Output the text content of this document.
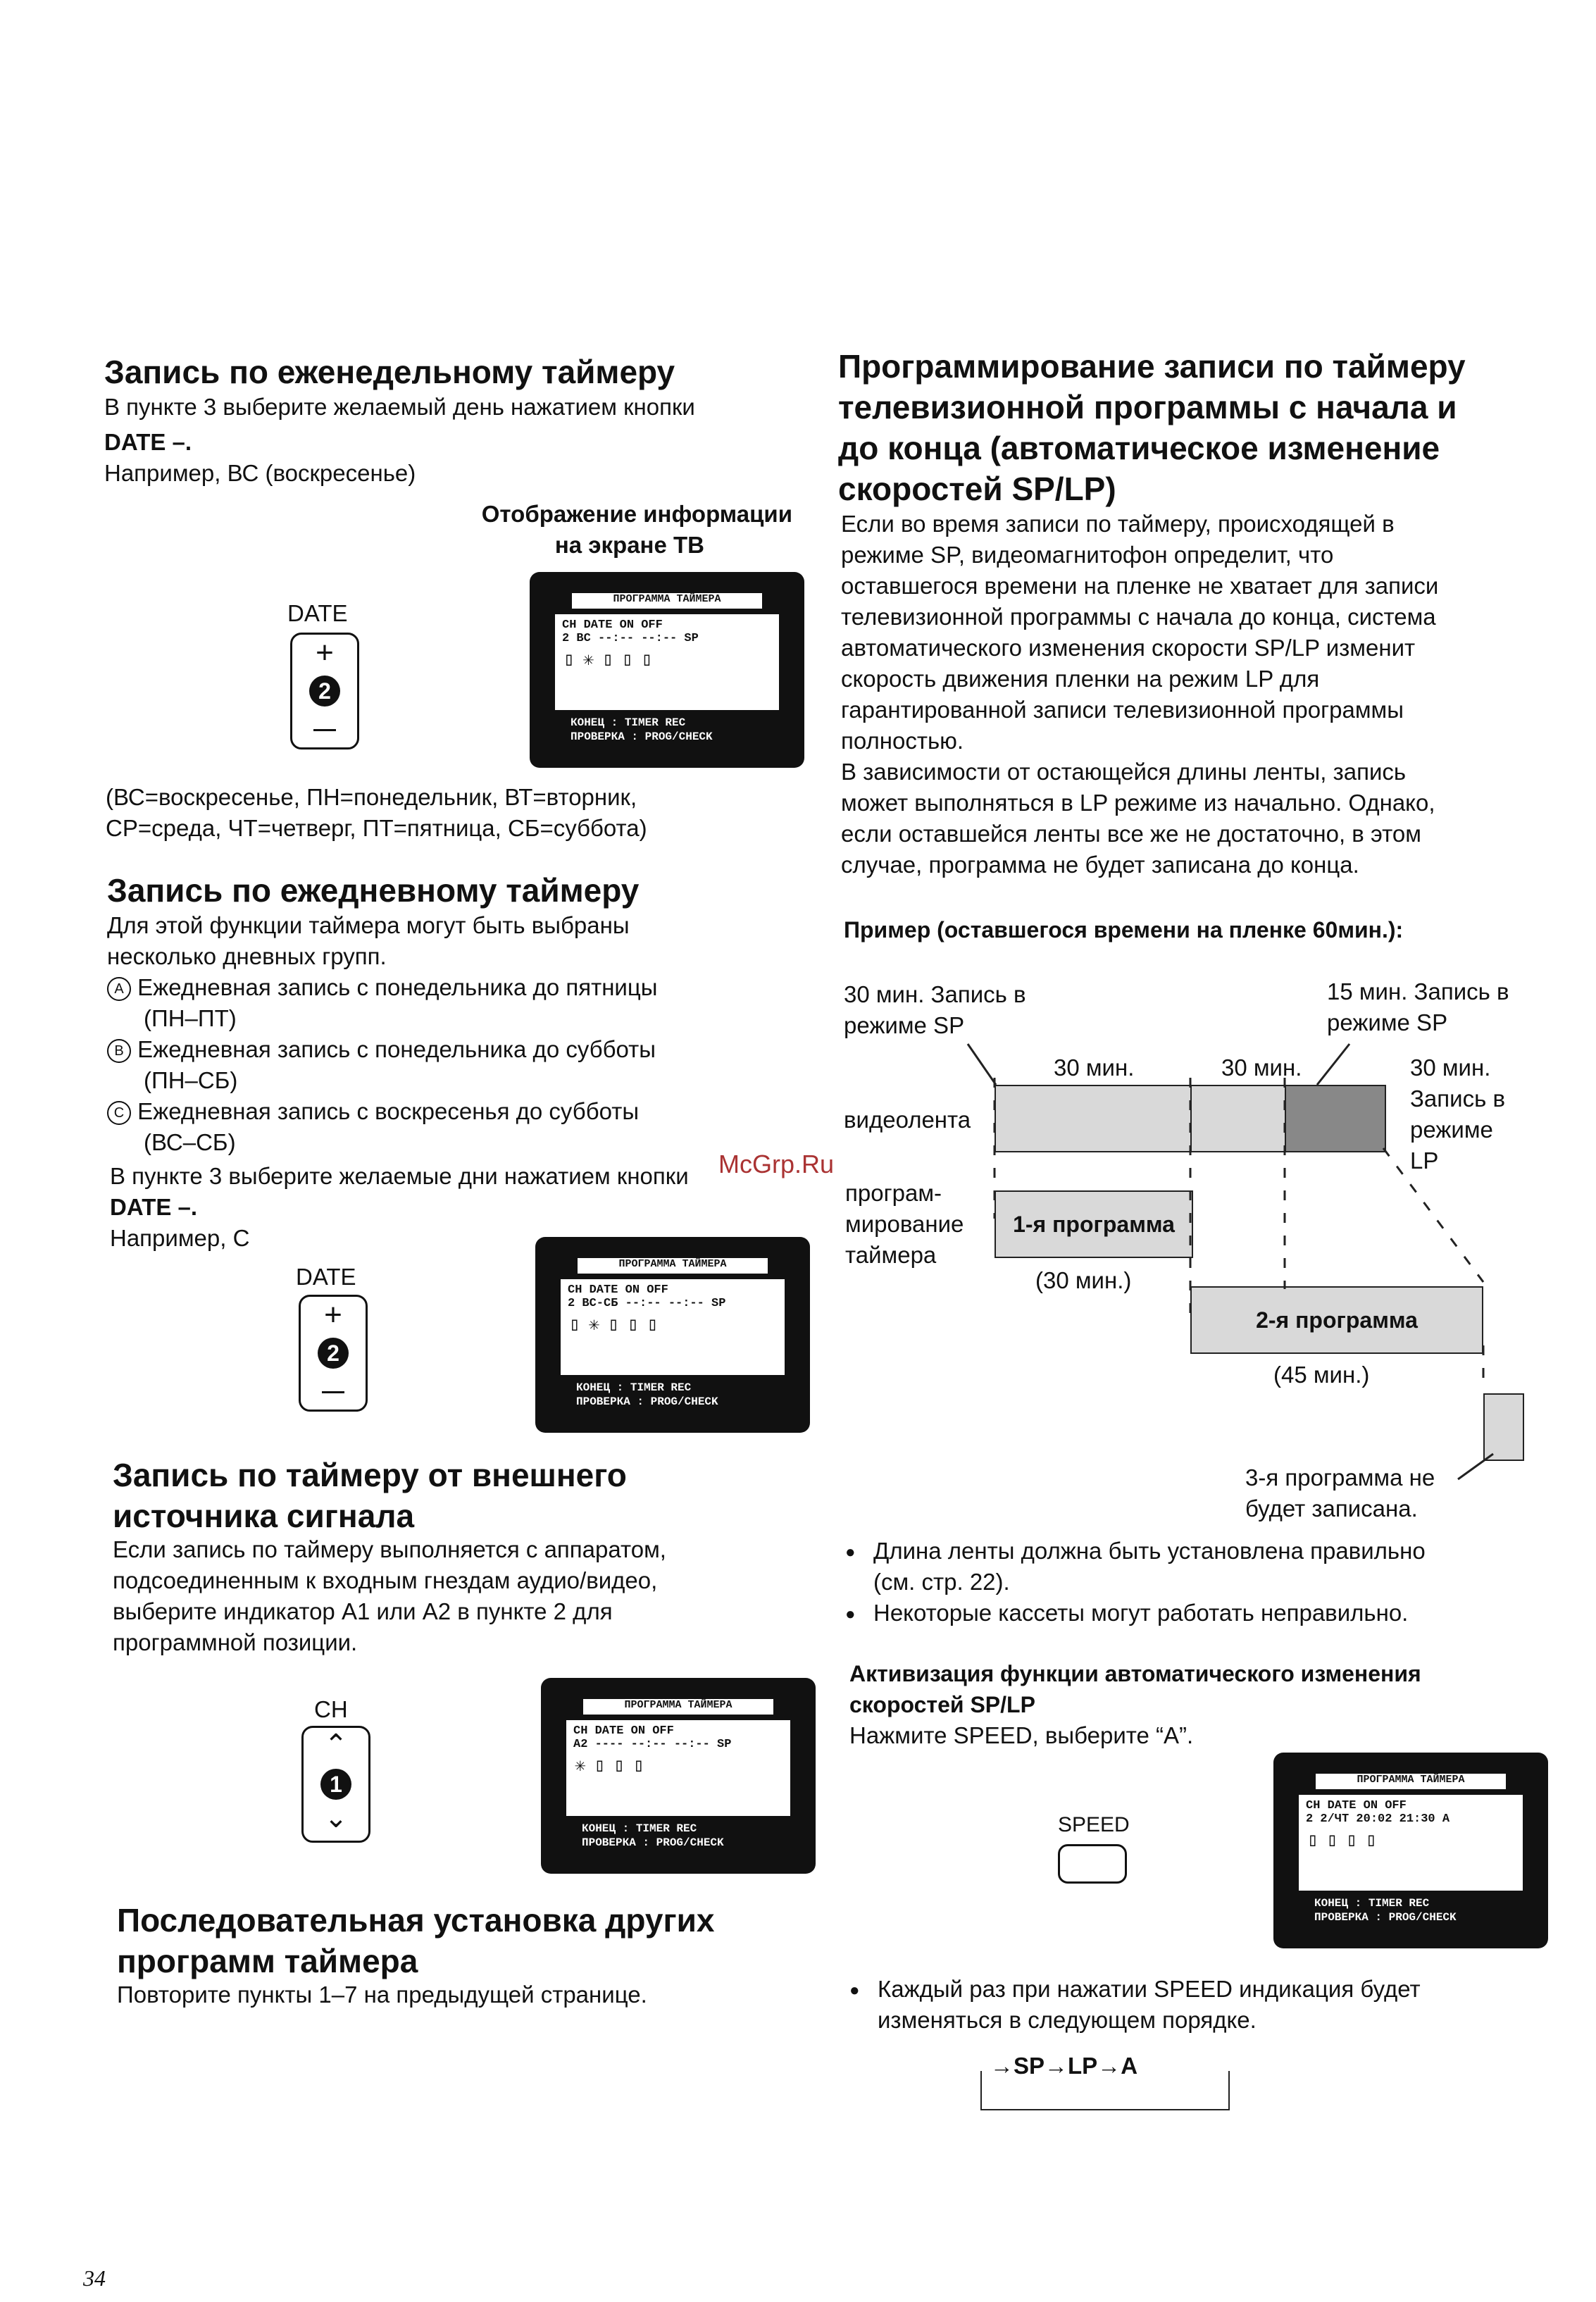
Запись по еженедельному таймеру
В пункте 3 выберите желаемый день нажатием кнопки
DATE –.
Например, ВС (воскресенье)
Отображение информации
на экране ТВ
DATE
+
2
ПРОГРАММА ТАЙМЕРА
CH DATE ON OFF
2 ВС --:-- --:-- SP
▯✳▯▯▯
КОНЕЦ : TIMER REC
ПРОВЕРКА : PROG/CHECK
(ВС=воскресенье, ПН=понедельник, ВТ=вторник,
СР=среда, ЧТ=четверг, ПТ=пятница, СБ=суббота)
Запись по ежедневному таймеру
Для этой функции таймера могут быть выбраны
несколько дневных групп.
A Ежедневная запись с понедельника до пятницы
(ПН–ПТ)
B Ежедневная запись с понедельника до субботы
(ПН–СБ)
C Ежедневная запись с воскресенья до субботы
(ВС–СБ)
В пункте 3 выберите желаемые дни нажатием кнопки
DATE –.
Например, C
DATE
+
2
ПРОГРАММА ТАЙМЕРА
CH DATE ON OFF
2 ВС-СБ --:-- --:-- SP
▯✳▯▯▯
КОНЕЦ : TIMER REC
ПРОВЕРКА : PROG/CHECK
Запись по таймеру от внешнего
источника сигнала
Если запись по таймеру выполняется с аппаратом,
подсоединенным к входным гнездам аудио/видео,
выберите индикатор A1 или A2 в пункте 2 для
программной позиции.
CH
⌃
1
⌄
ПРОГРАММА ТАЙМЕРА
CH DATE ON OFF
A2 ---- --:-- --:-- SP
✳▯▯▯
КОНЕЦ : TIMER REC
ПРОВЕРКА : PROG/CHECK
Последовательная установка других
программ таймера
Повторите пункты 1–7 на предыдущей странице.
Программирование записи по таймеру
телевизионной программы с начала и
до конца (автоматическое изменение
скоростей SP/LP)
Если во время записи по таймеру, происходящей в
режиме SP, видеомагнитофон определит, что
оставшегося времени на пленке не хватает для записи
телевизионной программы с начала до конца, система
автоматического изменения скорости SP/LP изменит
скорость движения пленки на режим LP для
гарантированной записи телевизионной программы
полностью.
В зависимости от остающейся длины ленты, запись
может выполняться в LP режиме из начально. Однако,
если оставшейся ленты все же не достаточно, в этом
случае, программа не будет записана до конца.
Пример (оставшегося времени на пленке 60мин.):
30 мин. Запись в
режиме SP
15 мин. Запись в
режиме SP
30 мин.	30 мин.	30 мин.
Запись в
режиме
LP
видеолента
програм-
мирование
таймера
1-я программа
(30 мин.)
2-я программа
(45 мин.)
3-я программа не
будет записана.
McGrp.Ru
● Длина ленты должна быть установлена правильно
(см. стр. 22).
● Некоторые кассеты могут работать неправильно.
Активизация функции автоматического изменения
скоростей SP/LP
Нажмите SPEED, выберите “A”.
SPEED
ПРОГРАММА ТАЙМЕРА
CH DATE ON OFF
2 2/ЧТ 20:02 21:30 A
▯▯▯▯
КОНЕЦ : TIMER REC
ПРОВЕРКА : PROG/CHECK
● Каждый раз при нажатии SPEED индикация будет
изменяться в следующем порядке.
→SP→LP→A
34
